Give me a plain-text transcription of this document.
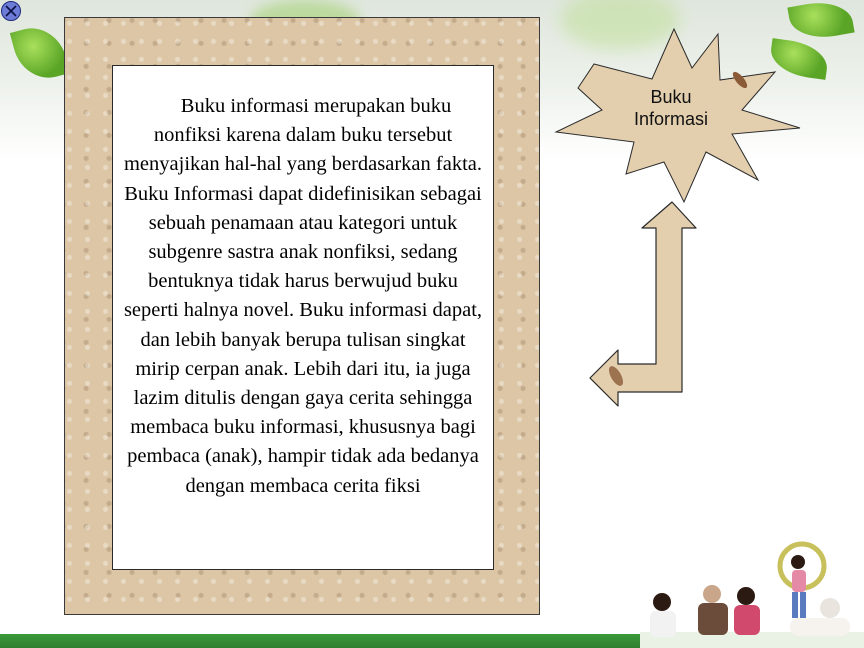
Buku informasi merupakan buku nonfiksi karena dalam buku tersebut menyajikan hal-hal yang berdasarkan fakta. Buku Informasi dapat didefinisikan sebagai sebuah penamaan atau kategori untuk subgenre sastra anak nonfiksi, sedang bentuknya tidak harus berwujud buku seperti halnya novel. Buku informasi dapat, dan lebih banyak berupa tulisan singkat mirip cerpan anak. Lebih dari itu, ia juga lazim ditulis dengan gaya cerita sehingga membaca buku informasi, khususnya bagi pembaca (anak), hampir tidak ada bedanya dengan membaca cerita fiksi
Buku
Informasi
